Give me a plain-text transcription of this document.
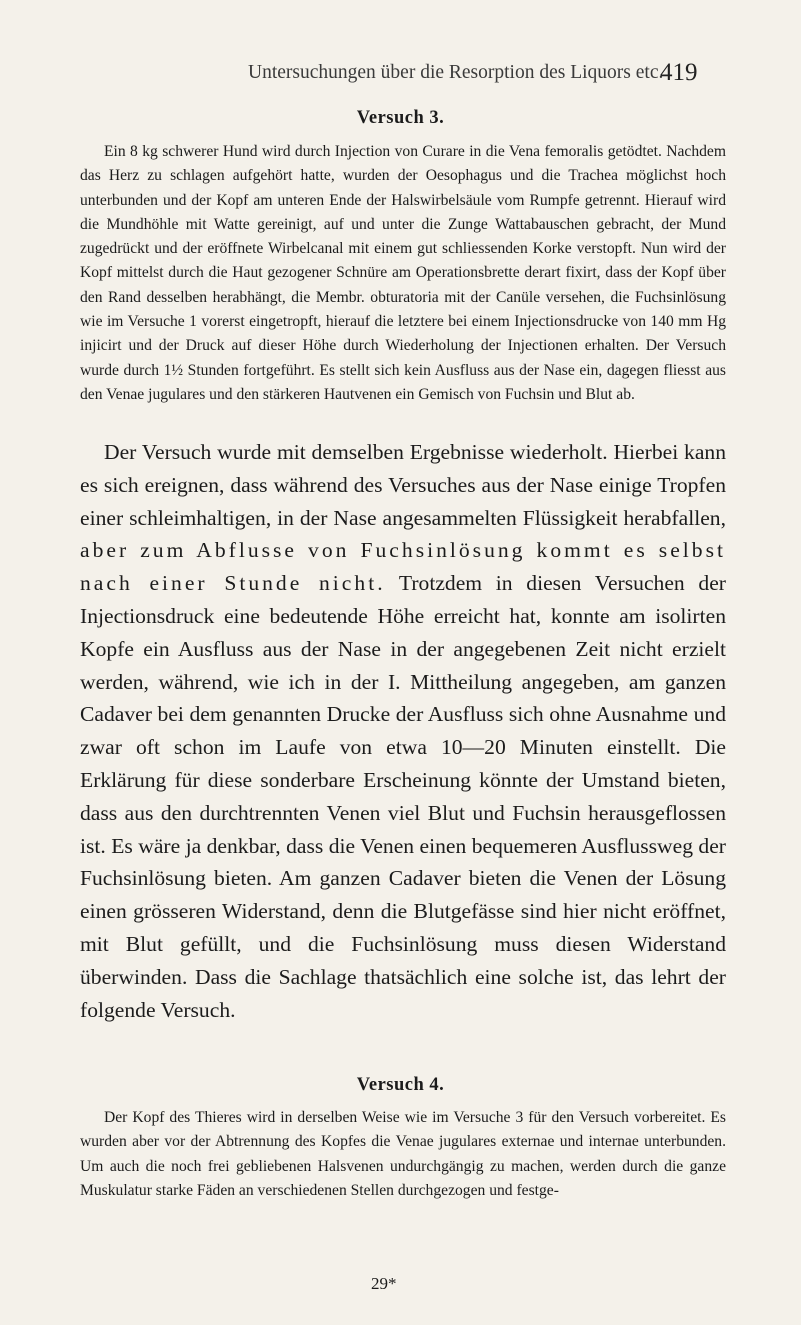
Untersuchungen über die Resorption des Liquors etc.
419
Versuch 3.

Ein 8 kg schwerer Hund wird durch Injection von Curare in die Vena femoralis getödtet. Nachdem das Herz zu schlagen aufgehört hatte, wurden der Oesophagus und die Trachea möglichst hoch unterbunden und der Kopf am unteren Ende der Halswirbelsäule vom Rumpfe getrennt. Hierauf wird die Mundhöhle mit Watte gereinigt, auf und unter die Zunge Wattabauschen gebracht, der Mund zugedrückt und der eröffnete Wirbelcanal mit einem gut schliessenden Korke verstopft. Nun wird der Kopf mittelst durch die Haut gezogener Schnüre am Operationsbrette derart fixirt, dass der Kopf über den Rand desselben herabhängt, die Membr. obturatoria mit der Canüle versehen, die Fuchsinlösung wie im Versuche 1 vorerst eingetropft, hierauf die letztere bei einem Injectionsdrucke von 140 mm Hg injicirt und der Druck auf dieser Höhe durch Wiederholung der Injectionen erhalten. Der Versuch wurde durch 1½ Stunden fortgeführt. Es stellt sich kein Ausfluss aus der Nase ein, dagegen fliesst aus den Venae jugulares und den stärkeren Hautvenen ein Gemisch von Fuchsin und Blut ab.

Der Versuch wurde mit demselben Ergebnisse wiederholt. Hierbei kann es sich ereignen, dass während des Versuches aus der Nase einige Tropfen einer schleimhaltigen, in der Nase angesammelten Flüssigkeit herabfallen, aber zum Abflusse von Fuchsinlösung kommt es selbst nach einer Stunde nicht. Trotzdem in diesen Versuchen der Injectionsdruck eine bedeutende Höhe erreicht hat, konnte am isolirten Kopfe ein Ausfluss aus der Nase in der angegebenen Zeit nicht erzielt werden, während, wie ich in der I. Mittheilung angegeben, am ganzen Cadaver bei dem genannten Drucke der Ausfluss sich ohne Ausnahme und zwar oft schon im Laufe von etwa 10—20 Minuten einstellt. Die Erklärung für diese sonderbare Erscheinung könnte der Umstand bieten, dass aus den durchtrennten Venen viel Blut und Fuchsin herausgeflossen ist. Es wäre ja denkbar, dass die Venen einen bequemeren Ausflussweg der Fuchsinlösung bieten. Am ganzen Cadaver bieten die Venen der Lösung einen grösseren Widerstand, denn die Blutgefässe sind hier nicht eröffnet, mit Blut gefüllt, und die Fuchsinlösung muss diesen Widerstand überwinden. Dass die Sachlage thatsächlich eine solche ist, das lehrt der folgende Versuch.

Versuch 4.

Der Kopf des Thieres wird in derselben Weise wie im Versuche 3 für den Versuch vorbereitet. Es wurden aber vor der Abtrennung des Kopfes die Venae jugulares externae und internae unterbunden. Um auch die noch frei gebliebenen Halsvenen undurchgängig zu machen, werden durch die ganze Muskulatur starke Fäden an verschiedenen Stellen durchgezogen und festge-

29*
